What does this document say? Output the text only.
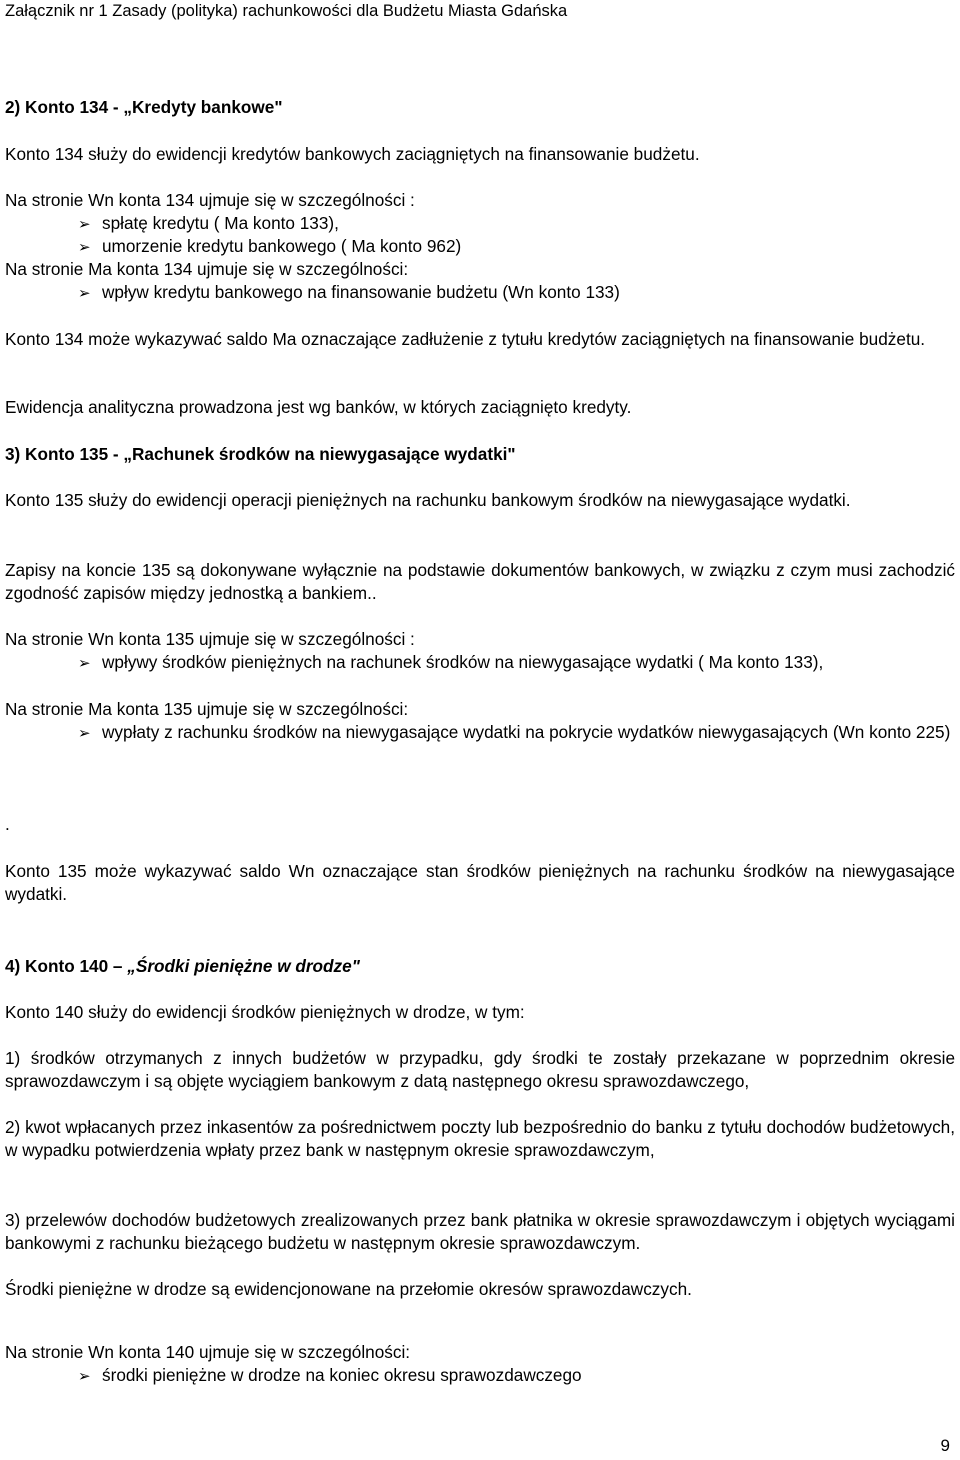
Załącznik nr 1 Zasady (polityka) rachunkowości dla Budżetu Miasta Gdańska
2) Konto 134 - „Kredyty bankowe"
Konto 134 służy do ewidencji kredytów bankowych zaciągniętych na finansowanie budżetu.
Na stronie Wn konta 134 ujmuje się w szczególności :
➢ spłatę kredytu ( Ma konto 133),
➢ umorzenie kredytu bankowego ( Ma konto 962)
Na stronie Ma konta 134 ujmuje się w szczególności:
➢ wpływ kredytu bankowego na finansowanie budżetu (Wn konto 133)
Konto 134 może wykazywać saldo Ma oznaczające zadłużenie z tytułu kredytów zaciągniętych na finansowanie budżetu.
Ewidencja analityczna prowadzona jest wg banków, w których zaciągnięto kredyty.
3) Konto 135 - „Rachunek środków na niewygasające wydatki"
Konto 135 służy do ewidencji operacji pieniężnych na rachunku bankowym środków na niewygasające wydatki.
Zapisy na koncie 135 są dokonywane wyłącznie na podstawie dokumentów bankowych, w związku z czym musi zachodzić zgodność zapisów między jednostką a bankiem..
Na stronie Wn konta 135 ujmuje się w szczególności :
➢ wpływy środków pieniężnych na rachunek środków na niewygasające wydatki ( Ma konto 133),
Na stronie Ma konta 135 ujmuje się w szczególności:
➢ wypłaty z rachunku środków na niewygasające wydatki na pokrycie wydatków niewygasających (Wn konto 225)
.
Konto 135 może wykazywać saldo Wn oznaczające stan środków pieniężnych na rachunku środków na niewygasające wydatki.
4) Konto 140 – „Środki pieniężne w drodze"
Konto 140 służy do ewidencji środków pieniężnych w drodze, w tym:
1) środków otrzymanych z innych budżetów w przypadku, gdy środki te zostały przekazane w poprzednim okresie sprawozdawczym i są objęte wyciągiem bankowym z datą następnego okresu sprawozdawczego,
2) kwot wpłacanych przez inkasentów za pośrednictwem poczty lub bezpośrednio do banku z tytułu dochodów budżetowych, w wypadku potwierdzenia wpłaty przez bank w następnym okresie sprawozdawczym,
3) przelewów dochodów budżetowych zrealizowanych przez bank płatnika w okresie sprawozdawczym i objętych wyciągami bankowymi z rachunku bieżącego budżetu w następnym okresie sprawozdawczym.
Środki pieniężne w drodze są ewidencjonowane na przełomie okresów sprawozdawczych.
Na stronie Wn konta 140 ujmuje się w szczególności:
➢ środki pieniężne w drodze na koniec okresu sprawozdawczego
9
